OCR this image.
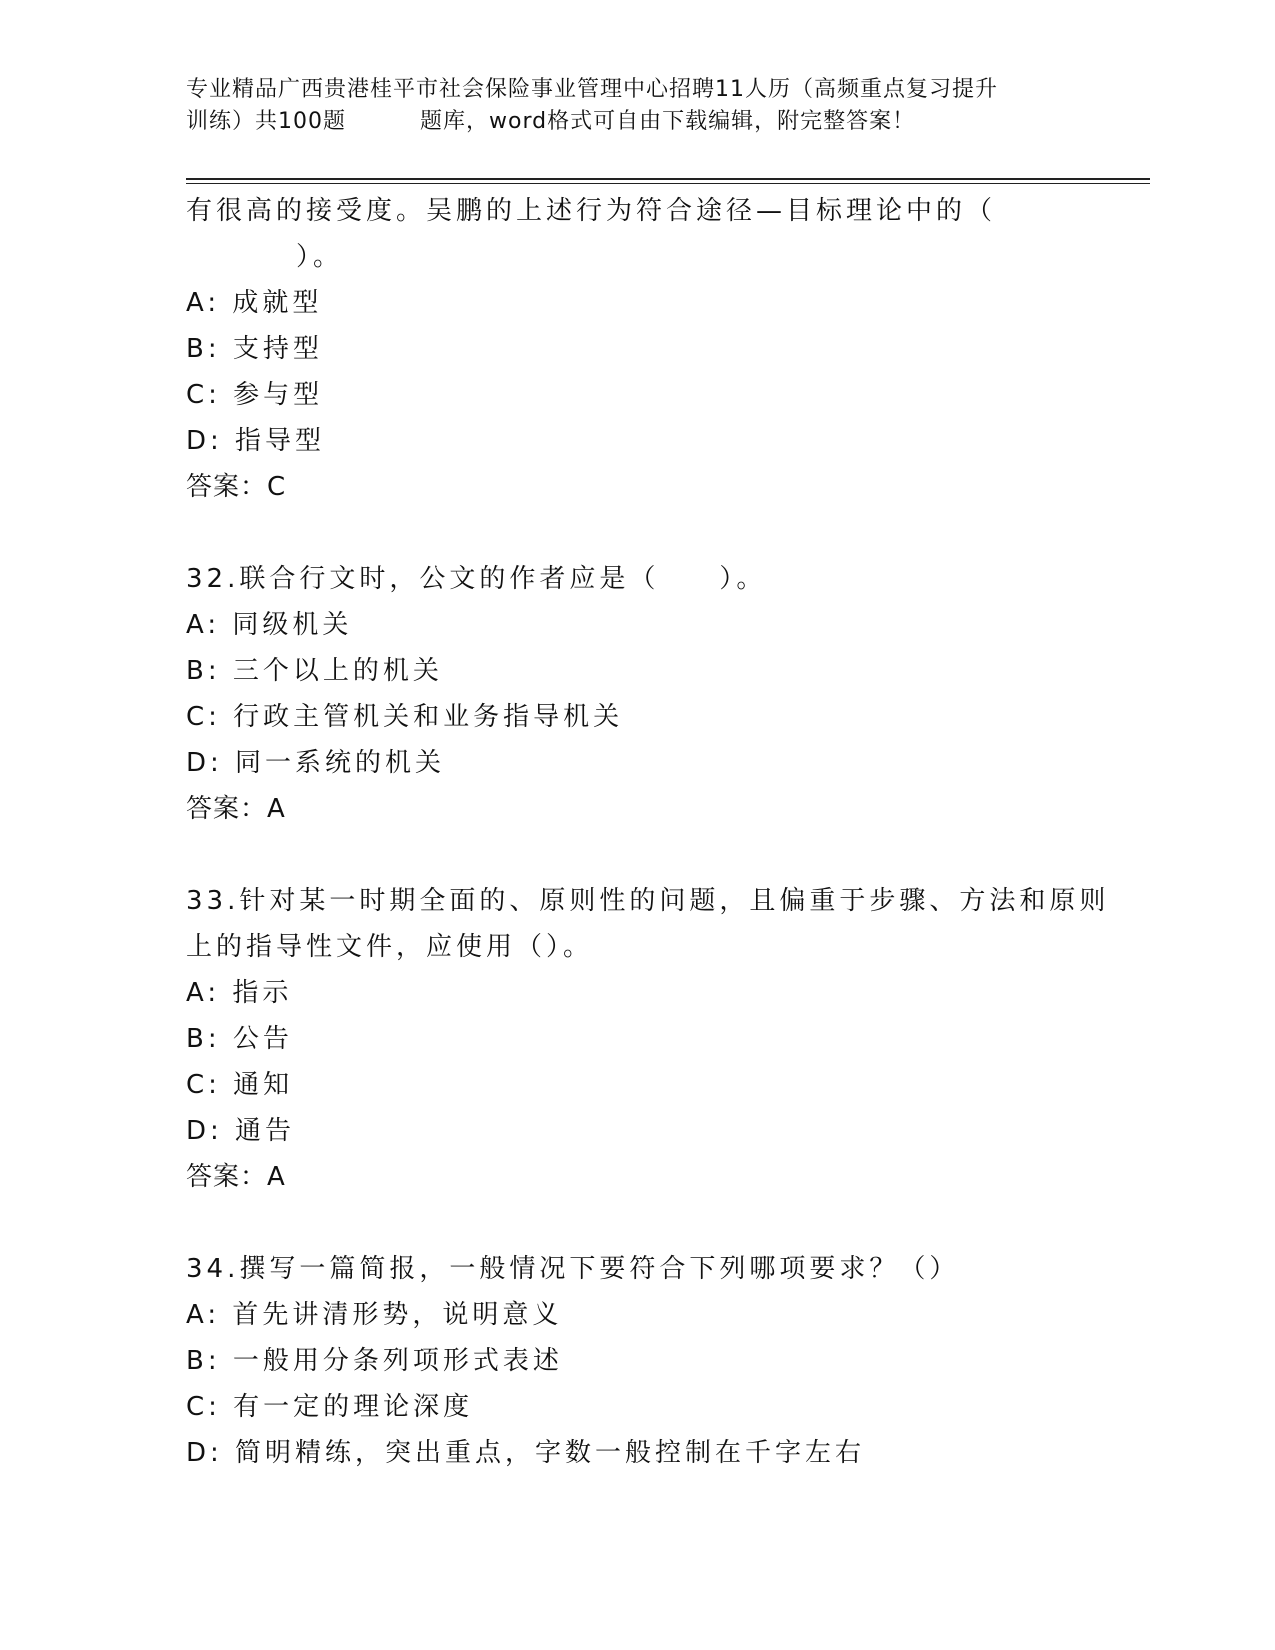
专业精品广西贵港桂平市社会保险事业管理中心招聘11人历（高频重点复习提升
训练）共100题	题库，word格式可自由下载编辑，附完整答案！
有很高的接受度。吴鹏的上述行为符合途径—目标理论中的（
）。
A: 成就型
B: 支持型
C: 参与型
D: 指导型
答案：C
32.联合行文时，公文的作者应是（　　）。
A: 同级机关
B: 三个以上的机关
C: 行政主管机关和业务指导机关
D: 同一系统的机关
答案：A
33.针对某一时期全面的、原则性的问题，且偏重于步骤、方法和原则
上的指导性文件，应使用（）。
A: 指示
B: 公告
C: 通知
D: 通告
答案：A
34.撰写一篇简报，一般情况下要符合下列哪项要求？（）
A: 首先讲清形势，说明意义
B: 一般用分条列项形式表述
C: 有一定的理论深度
D: 简明精练，突出重点，字数一般控制在千字左右
